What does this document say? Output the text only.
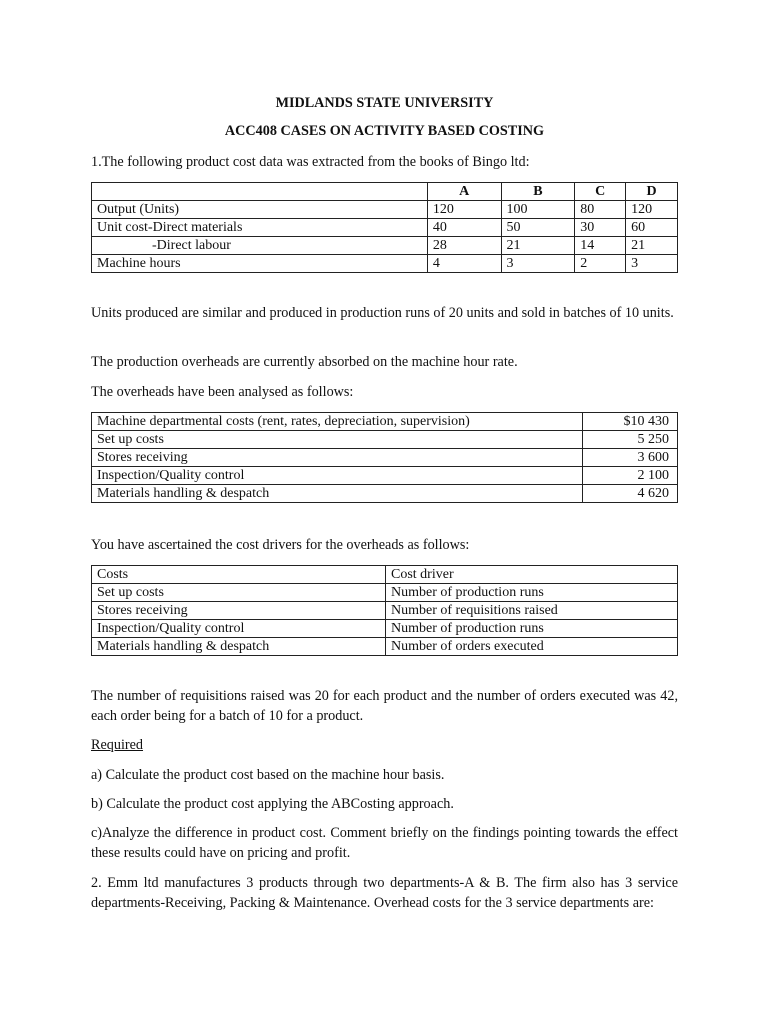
MIDLANDS STATE UNIVERSITY
ACC408 CASES ON ACTIVITY BASED COSTING

1.The following product cost data was extracted from the books of Bingo ltd:

	A	B	C	D
Output (Units)	120	100	80	120
Unit cost-Direct materials	40	50	30	60
-Direct labour	28	21	14	21
Machine hours	4	3	2	3

Units produced are similar and produced in production runs of 20 units and sold in batches of 10 units.

The production overheads are currently absorbed on the machine hour rate.

The overheads have been analysed as follows:

Machine departmental costs (rent, rates, depreciation, supervision)	$10 430
Set up costs	5 250
Stores receiving	3 600
Inspection/Quality control	2 100
Materials handling & despatch	4 620

You have ascertained the cost drivers for the overheads as follows:

Costs	Cost driver
Set up costs	Number of production runs
Stores receiving	Number of requisitions raised
Inspection/Quality control	Number of production runs
Materials handling & despatch	Number of orders executed

The number of requisitions raised was 20 for each product and the number of orders executed was 42, each order being for a batch of 10 for a product.

Required

a) Calculate the product cost based on the machine hour basis.

b) Calculate the product cost applying the ABCosting approach.

c)Analyze the difference in product cost. Comment briefly on the findings pointing towards the effect these results could have on pricing and profit.

2. Emm ltd manufactures 3 products through two departments-A & B. The firm also has 3 service departments-Receiving, Packing & Maintenance. Overhead costs for the 3 service departments are:
